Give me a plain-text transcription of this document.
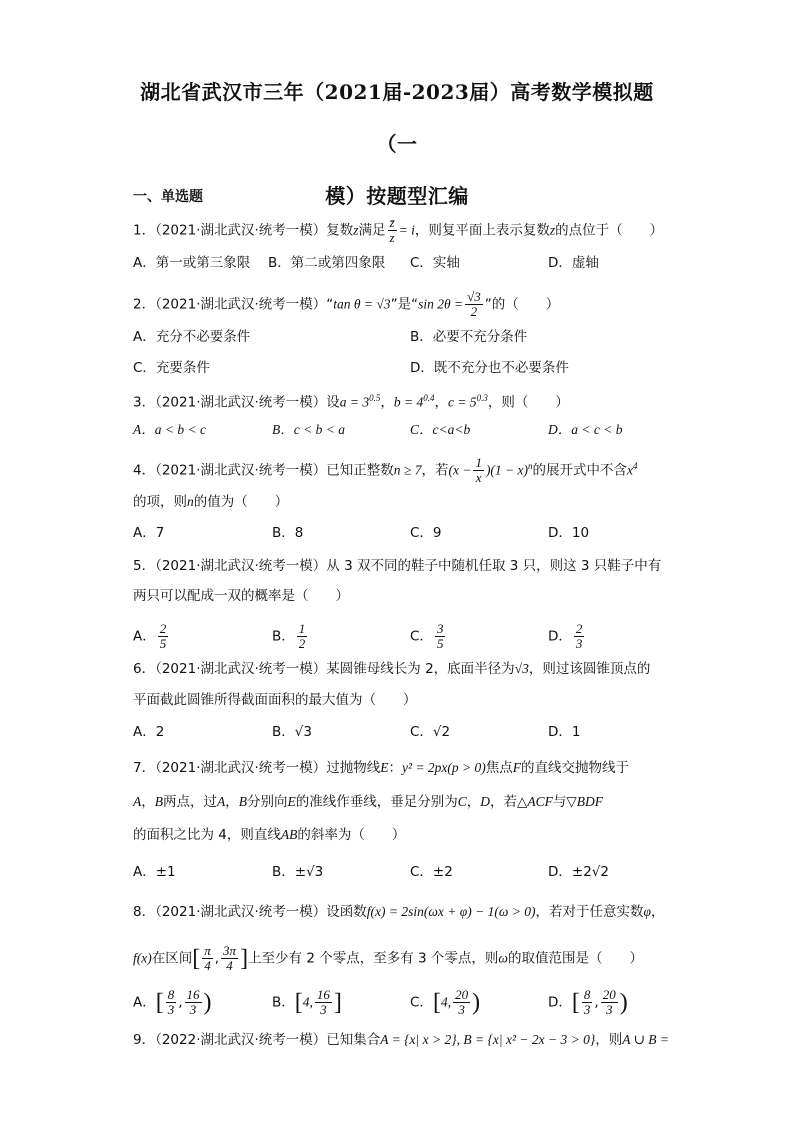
湖北省武汉市三年（2021届-2023届）高考数学模拟题（一
模）按题型汇编
一、单选题
1．（2021·湖北武汉·统考一模）复数z满足 $\frac{z̄}{z} = i$，则复平面上表示复数z的点位于（　　）
A．第一或第三象限 B．第二或第四象限 C．实轴	D．虚轴
2．（2021·湖北武汉·统考一模）“tan θ = √3”是“sin $2\theta = \frac{√3}{2}$ ”的（　　）
A．充分不必要条件	B．必要不充分条件
C．充要条件	D．既不充分也不必要条件
3．（2021·湖北武汉·统考一模）设$a = 3^{0.5}$，$b = 4^{0.4}$，$c = 5^{0.3}$，则（　　）
A．a < b < c	B．c < b < a	C．c<a<b	D．a < c < b
4．（2021·湖北武汉·统考一模）已知正整数n ≥ 7，若$(x - \frac{1}{x} )(1 - x)^n$的展开式中不含$x^4$
的项，则n的值为（　　）
A．7	B．8	C．9	D．10
5．（2021·湖北武汉·统考一模）从 3 双不同的鞋子中随机任取 3 只，则这 3 只鞋子中有
两只可以配成一双的概率是（　　）
A． $\frac{2}{5}$	B． $\frac{1}{2}$	C． $\frac{3}{5}$	D． $\frac{2}{3}$
6．（2021·湖北武汉·统考一模）某圆锥母线长为 2，底面半径为√3，则过该圆锥顶点的
平面截此圆锥所得截面面积的最大值为（　　）
A．2	B．√3	C．√2	D．1
7．（2021·湖北武汉·统考一模）过抛物线E：y² = 2px(p > 0)焦点F的直线交抛物线于
A，B两点，过A，B分别向E的准线作垂线，垂足分别为C，D，若△ACF与▽BDF
的面积之比为 4，则直线AB的斜率为（　　）
A．±1	B．±√3	C．±2	D．±2√2
8．（2021·湖北武汉·统考一模）设函数f(x) = 2sin(ωx + φ) − 1(ω > 0)，若对于任意实数φ，
f(x)在区间[ $\frac{\pi}{4}$ , $\frac{3\pi}{4}$ ]上至少有 2 个零点，至多有 3 个零点，则ω的取值范围是（　　）
A．[ $\frac{8}{3}$ , $\frac{16}{3}$ )	B．[4, $\frac{16}{3}$ ]	C．[4, $\frac{20}{3}$ )	D．[ $\frac{8}{3}$ , $\frac{20}{3}$ )
9．（2022·湖北武汉·统考一模）已知集合A = {x| x > 2}, B = {x| x² − 2x − 3 > 0}，则A ∪ B =
